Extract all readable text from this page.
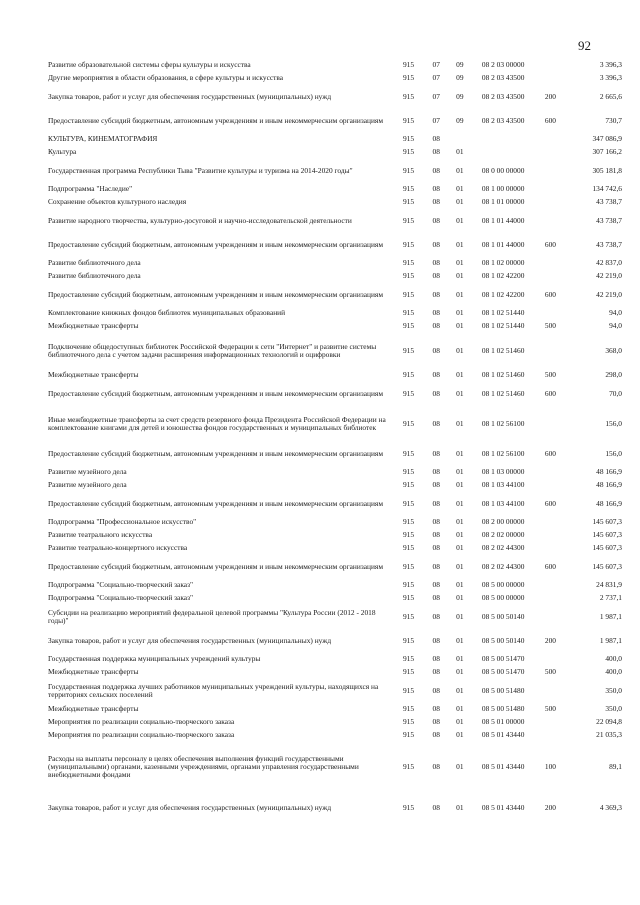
92
Развитие образовательной системы сферы культуры и искусства	915	07	09	08 2 03 00000		3 396,3
Другие мероприятия в области образования, в сфере культуры и искусства	915	07	09	08 2 03 43500		3 396,3
Закупка товаров, работ и услуг для обеспечения государственных (муниципальных) нужд	915	07	09	08 2 03 43500	200	2 665,6
Предоставление субсидий бюджетным, автономным учреждениям и иным некоммерческим организациям	915	07	09	08 2 03 43500	600	730,7
КУЛЬТУРА, КИНЕМАТОГРАФИЯ	915	08				347 086,9
Культура	915	08	01			307 166,2
Государственная программа Республики Тыва "Развитие культуры и туризма на 2014-2020 годы"	915	08	01	08 0 00 00000		305 181,8
Подпрограмма "Наследие"	915	08	01	08 1 00 00000		134 742,6
Сохранение объектов культурного наследия	915	08	01	08 1 01 00000		43 738,7
Развитие народного творчества, культурно-досуговой и научно-исследовательской деятельности	915	08	01	08 1 01 44000		43 738,7
Предоставление субсидий бюджетным, автономным учреждениям и иным некоммерческим организациям	915	08	01	08 1 01 44000	600	43 738,7
Развитие библиотечного дела	915	08	01	08 1 02 00000		42 837,0
Развитие библиотечного дела	915	08	01	08 1 02 42200		42 219,0
Предоставление субсидий бюджетным, автономным учреждениям и иным некоммерческим организациям	915	08	01	08 1 02 42200	600	42 219,0
Комплектование книжных фондов библиотек муниципальных образований	915	08	01	08 1 02 51440		94,0
Межбюджетные трансферты	915	08	01	08 1 02 51440	500	94,0
Подключение общедоступных библиотек Российской Федерации к сети "Интернет" и развитие системы библиотечного дела с учетом задачи расширения информационных технологий и оцифровки	915	08	01	08 1 02 51460		368,0
Межбюджетные трансферты	915	08	01	08 1 02 51460	500	298,0
Предоставление субсидий бюджетным, автономным учреждениям и иным некоммерческим организациям	915	08	01	08 1 02 51460	600	70,0
Иные межбюджетные трансферты за счет средств резервного фонда Президента Российской Федерации на комплектование книгами для детей и юношества фондов государственных и муниципальных библиотек	915	08	01	08 1 02 56100		156,0
Предоставление субсидий бюджетным, автономным учреждениям и иным некоммерческим организациям	915	08	01	08 1 02 56100	600	156,0
Развитие музейного дела	915	08	01	08 1 03 00000		48 166,9
Развитие музейного дела	915	08	01	08 1 03 44100		48 166,9
Предоставление субсидий бюджетным, автономным учреждениям и иным некоммерческим организациям	915	08	01	08 1 03 44100	600	48 166,9
Подпрограмма "Профессиональное искусство"	915	08	01	08 2 00 00000		145 607,3
Развитие театрального искусства	915	08	01	08 2 02 00000		145 607,3
Развитие театрально-концертного искусства	915	08	01	08 2 02 44300		145 607,3
Предоставление субсидий бюджетным, автономным учреждениям и иным некоммерческим организациям	915	08	01	08 2 02 44300	600	145 607,3
Подпрограмма "Социально-творческий заказ"	915	08	01	08 5 00 00000		24 831,9
Подпрограмма "Социально-творческий заказ"	915	08	01	08 5 00 00000		2 737,1
Субсидии на реализацию мероприятий федеральной целевой программы "Культура России (2012 - 2018 годы)"	915	08	01	08 5 00 50140		1 987,1
Закупка товаров, работ и услуг для обеспечения государственных (муниципальных) нужд	915	08	01	08 5 00 50140	200	1 987,1
Государственная поддержка муниципальных учреждений культуры	915	08	01	08 5 00 51470		400,0
Межбюджетные трансферты	915	08	01	08 5 00 51470	500	400,0
Государственная поддержка лучших работников муниципальных учреждений культуры, находящихся на территориях сельских поселений	915	08	01	08 5 00 51480		350,0
Межбюджетные трансферты	915	08	01	08 5 00 51480	500	350,0
Мероприятия по реализации социально-творческого заказа	915	08	01	08 5 01 00000		22 094,8
Мероприятия по реализации социально-творческого заказа	915	08	01	08 5 01 43440		21 035,3
Расходы на выплаты персоналу в целях обеспечения выполнения функций государственными (муниципальными) органами, казенными учреждениями, органами управления государственными внебюджетными фондами	915	08	01	08 5 01 43440	100	89,1
Закупка товаров, работ и услуг для обеспечения государственных (муниципальных) нужд	915	08	01	08 5 01 43440	200	4 369,3
